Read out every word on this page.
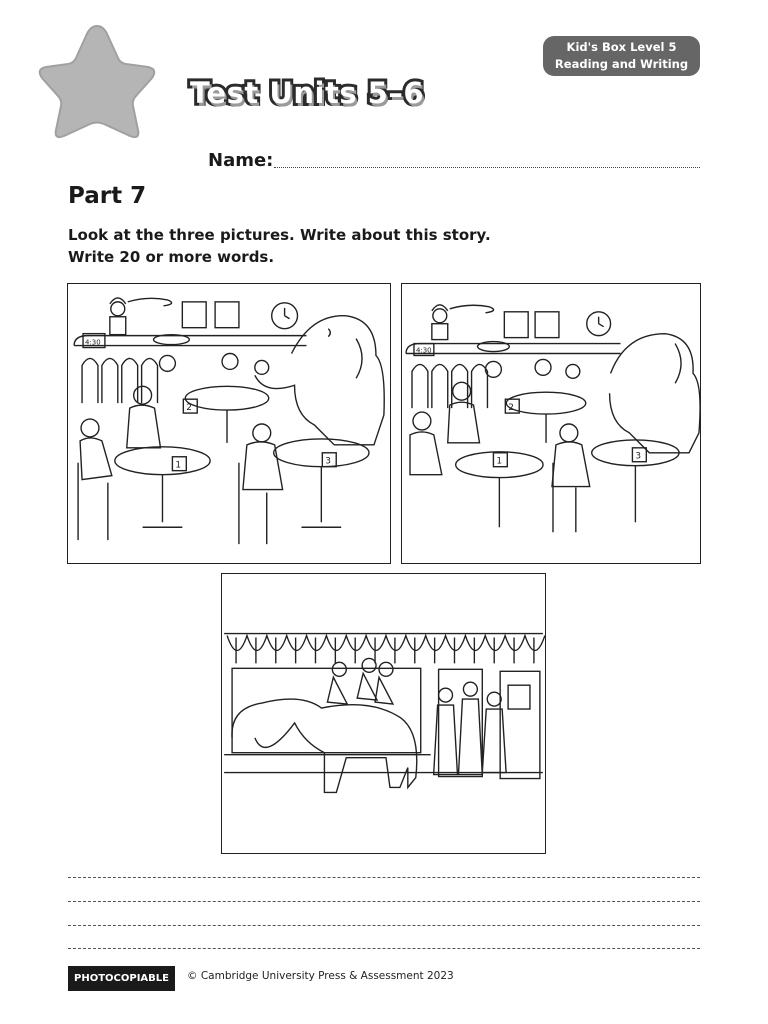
Kid's Box Level 5
Reading and Writing
Test Units 5–6
Name:
Part 7
Look at the three pictures. Write about this story.
Write 20 or more words.
1
2
3
4:30
1
2
3
4:30
PHOTOCOPIABLE	© Cambridge University Press & Assessment 2023
